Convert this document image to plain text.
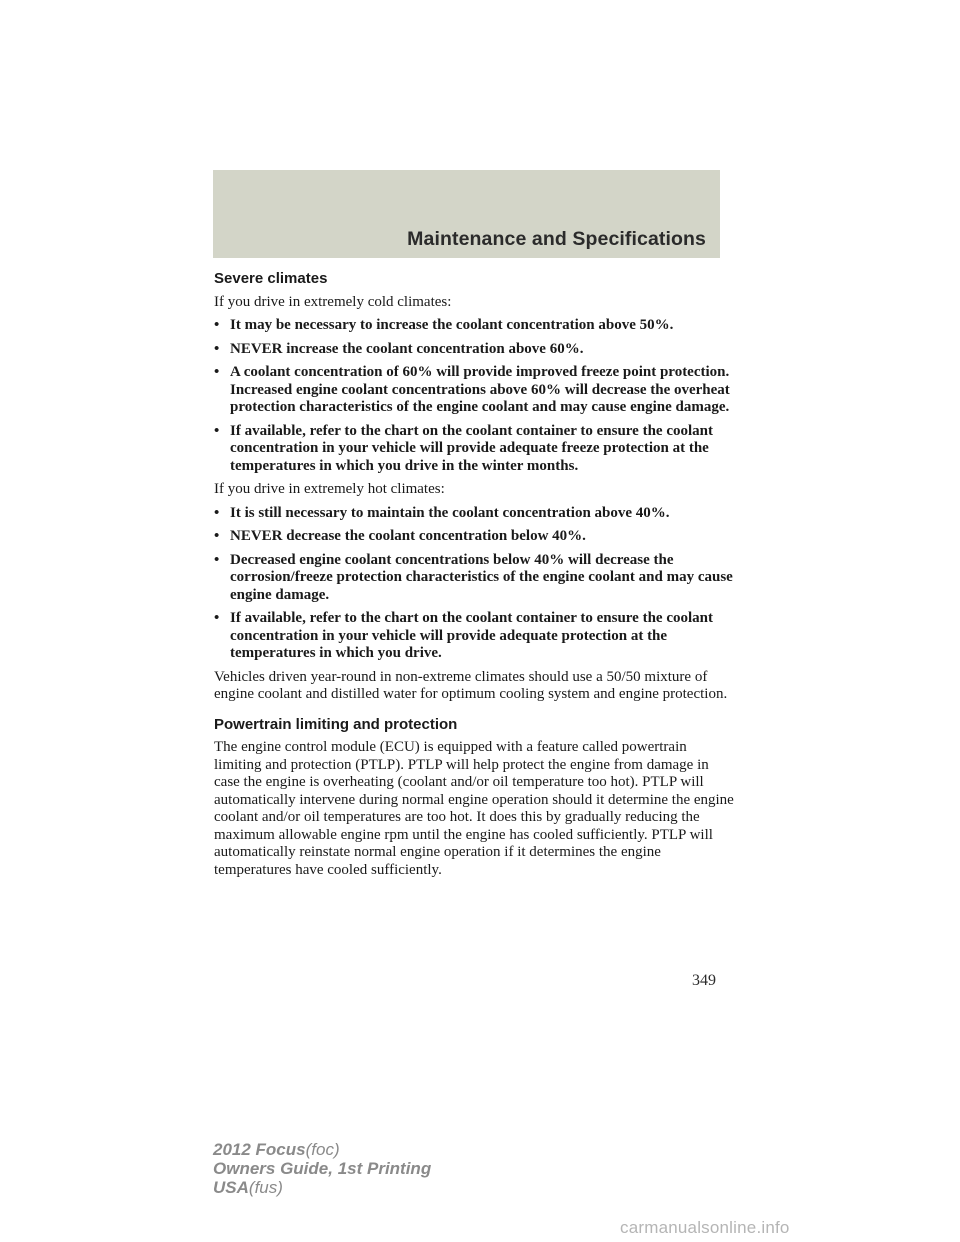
Maintenance and Specifications
Severe climates

If you drive in extremely cold climates:

• It may be necessary to increase the coolant concentration above 50%.
• NEVER increase the coolant concentration above 60%.
• A coolant concentration of 60% will provide improved freeze point protection. Increased engine coolant concentrations above 60% will decrease the overheat protection characteristics of the engine coolant and may cause engine damage.
• If available, refer to the chart on the coolant container to ensure the coolant concentration in your vehicle will provide adequate freeze protection at the temperatures in which you drive in the winter months.

If you drive in extremely hot climates:

• It is still necessary to maintain the coolant concentration above 40%.
• NEVER decrease the coolant concentration below 40%.
• Decreased engine coolant concentrations below 40% will decrease the corrosion/freeze protection characteristics of the engine coolant and may cause engine damage.
• If available, refer to the chart on the coolant container to ensure the coolant concentration in your vehicle will provide adequate protection at the temperatures in which you drive.

Vehicles driven year-round in non-extreme climates should use a 50/50 mixture of engine coolant and distilled water for optimum cooling system and engine protection.

Powertrain limiting and protection

The engine control module (ECU) is equipped with a feature called powertrain limiting and protection (PTLP). PTLP will help protect the engine from damage in case the engine is overheating (coolant and/or oil temperature too hot). PTLP will automatically intervene during normal engine operation should it determine the engine coolant and/or oil temperatures are too hot. It does this by gradually reducing the maximum allowable engine rpm until the engine has cooled sufficiently. PTLP will automatically reinstate normal engine operation if it determines the engine temperatures have cooled sufficiently.

349
2012 Focus(foc)
Owners Guide, 1st Printing
USA(fus)
carmanualsonline.info
